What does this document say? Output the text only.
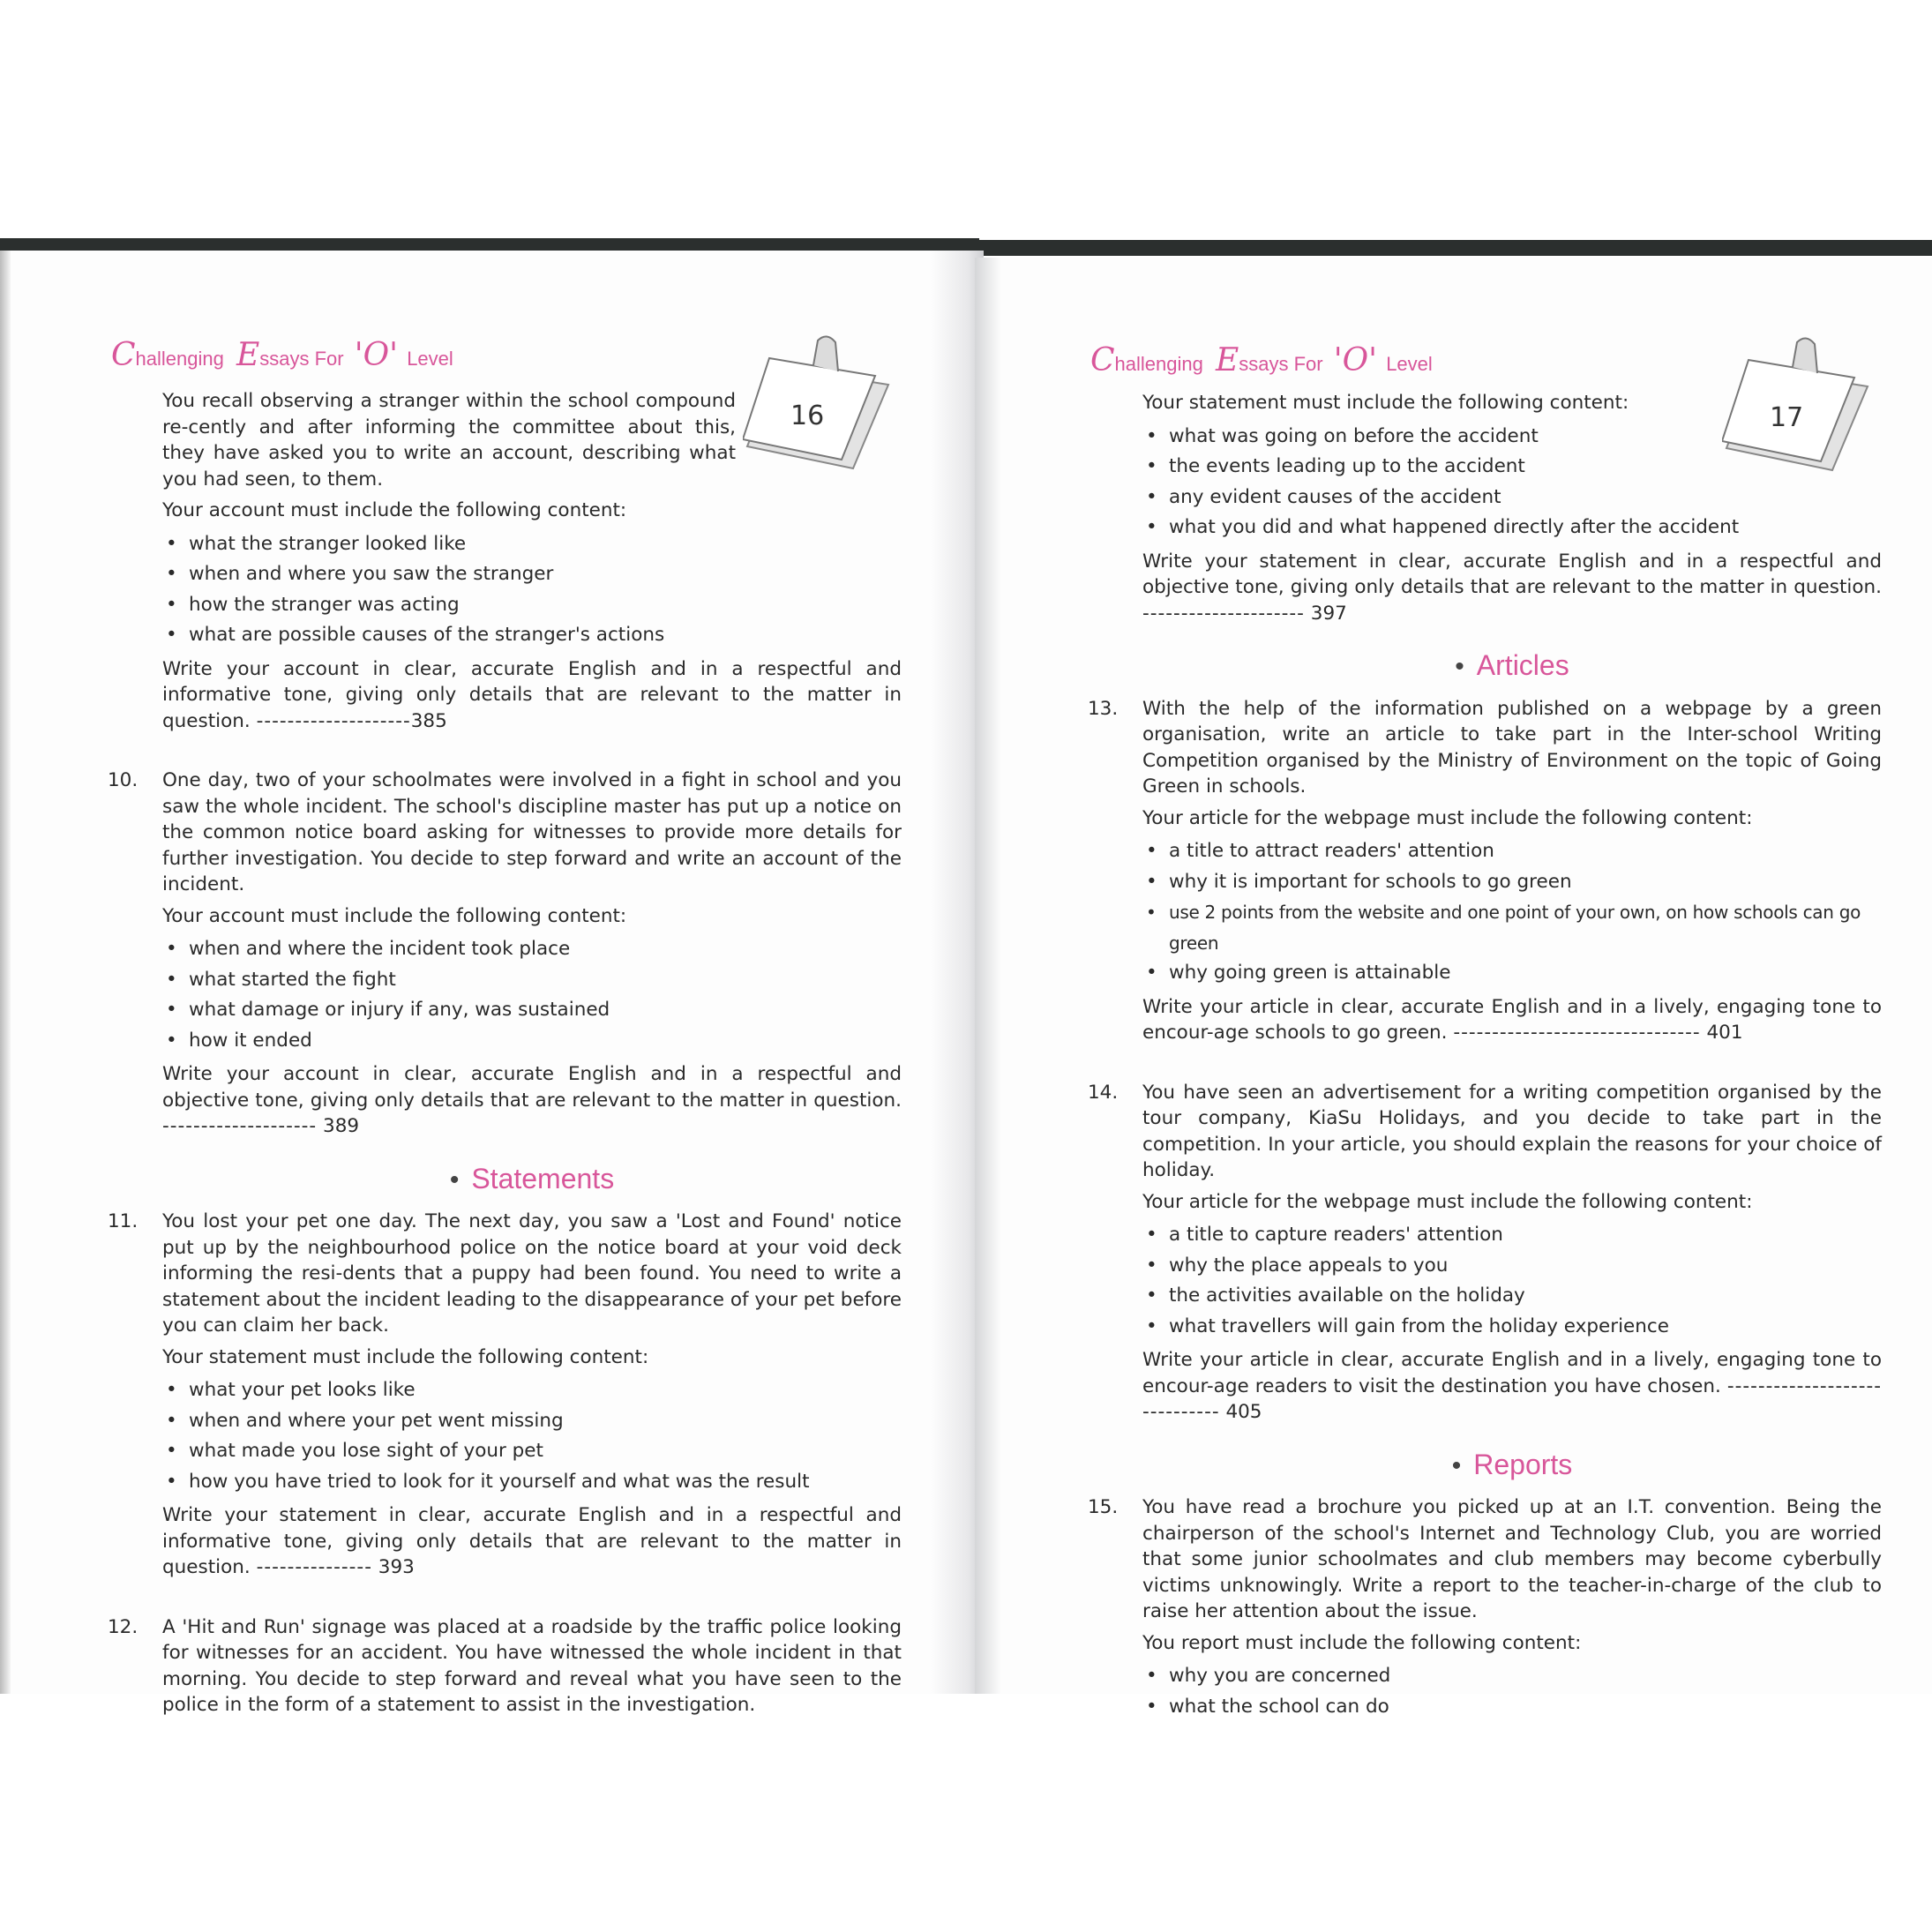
Challenging Essays For 'O' Level
16

You recall observing a stranger within the school compound re-cently and after informing the committee about this, they have asked you to write an account, describing what you had seen, to them.

Your account must include the following content:

• what the stranger looked like
• when and where you saw the stranger
• how the stranger was acting
• what are possible causes of the stranger's actions

Write your account in clear, accurate English and in a respectful and informative tone, giving only details that are relevant to the matter in question. --------------------385

10. One day, two of your schoolmates were involved in a fight in school and you saw the whole incident. The school's discipline master has put up a notice on the common notice board asking for witnesses to provide more details for further investigation. You decide to step forward and write an account of the incident.

Your account must include the following content:

• when and where the incident took place
• what started the fight
• what damage or injury if any, was sustained
• how it ended

Write your account in clear, accurate English and in a respectful and objective tone, giving only details that are relevant to the matter in question. -------------------- 389

• Statements
11. You lost your pet one day. The next day, you saw a 'Lost and Found' notice put up by the neighbourhood police on the notice board at your void deck informing the resi-dents that a puppy had been found. You need to write a statement about the incident leading to the disappearance of your pet before you can claim her back.

Your statement must include the following content:

• what your pet looks like
• when and where your pet went missing
• what made you lose sight of your pet
• how you have tried to look for it yourself and what was the result

Write your statement in clear, accurate English and in a respectful and informative tone, giving only details that are relevant to the matter in question. --------------- 393

12. A 'Hit and Run' signage was placed at a roadside by the traffic police looking for witnesses for an accident. You have witnessed the whole incident in that morning. You decide to step forward and reveal what you have seen to the police in the form of a statement to assist in the investigation.

Challenging Essays For 'O' Level
17

Your statement must include the following content:

• what was going on before the accident
• the events leading up to the accident
• any evident causes of the accident
• what you did and what happened directly after the accident

Write your statement in clear, accurate English and in a respectful and objective tone, giving only details that are relevant to the matter in question. --------------------- 397

• Articles
13. With the help of the information published on a webpage by a green organisation, write an article to take part in the Inter-school Writing Competition organised by the Ministry of Environment on the topic of Going Green in schools.

Your article for the webpage must include the following content:

• a title to attract readers' attention
• why it is important for schools to go green
• use 2 points from the website and one point of your own, on how schools can go green
• why going green is attainable

Write your article in clear, accurate English and in a lively, engaging tone to encour-age schools to go green. -------------------------------- 401

14. You have seen an advertisement for a writing competition organised by the tour company, KiaSu Holidays, and you decide to take part in the competition. In your article, you should explain the reasons for your choice of holiday.

Your article for the webpage must include the following content:

• a title to capture readers' attention
• why the place appeals to you
• the activities available on the holiday
• what travellers will gain from the holiday experience

Write your article in clear, accurate English and in a lively, engaging tone to encour-age readers to visit the destination you have chosen. ------------------------------ 405

• Reports
15. You have read a brochure you picked up at an I.T. convention. Being the chairperson of the school's Internet and Technology Club, you are worried that some junior schoolmates and club members may become cyberbully victims unknowingly. Write a report to the teacher-in-charge of the club to raise her attention about the issue.

You report must include the following content:

• why you are concerned
• what the school can do
